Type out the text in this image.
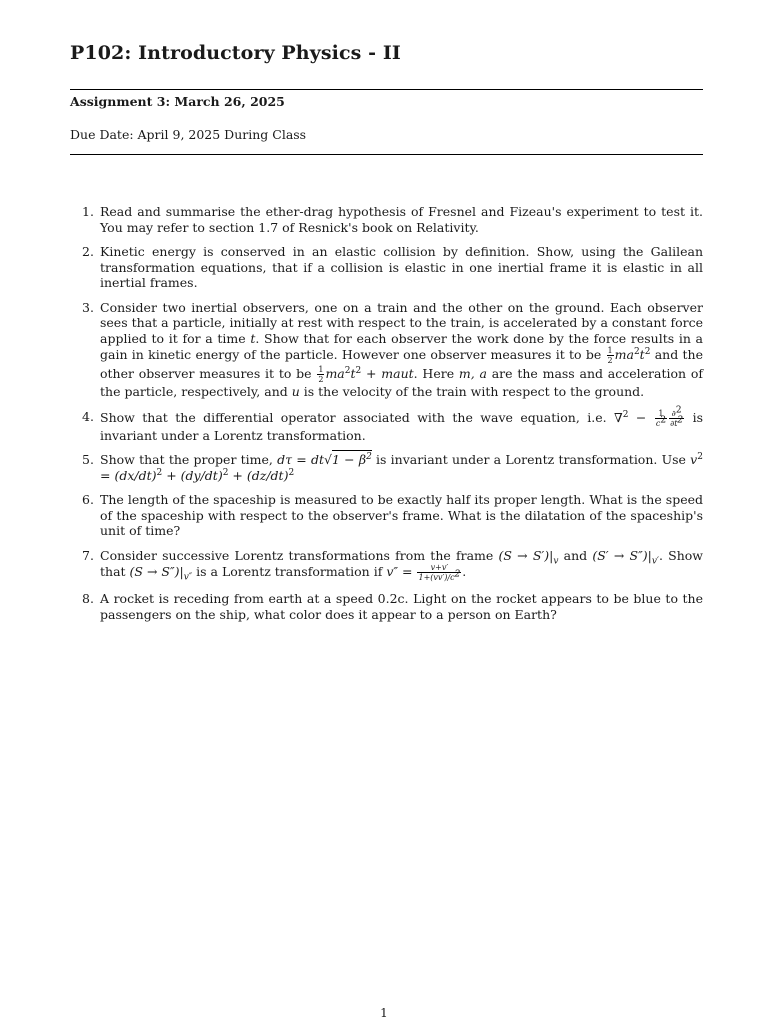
P102: Introductory Physics - II
Assignment 3: March 26, 2025
Due Date: April 9, 2025 During Class
1. Read and summarise the ether-drag hypothesis of Fresnel and Fizeau's experiment to test it. You may refer to section 1.7 of Resnick's book on Relativity.
2. Kinetic energy is conserved in an elastic collision by definition. Show, using the Galilean transformation equations, that if a collision is elastic in one inertial frame it is elastic in all inertial frames.
3. Consider two inertial observers, one on a train and the other on the ground. Each observer sees that a particle, initially at rest with respect to the train, is accelerated by a constant force applied to it for a time t. Show that for each observer the work done by the force results in a gain in kinetic energy of the particle. However one observer measures it to be $\frac{1}{2} ma^2t^2$ and the other observer measures it to be $\frac{1}{2} ma^2t^2$ + maut. Here m, a are the mass and acceleration of the particle, respectively, and u is the velocity of the train with respect to the ground.
4. Show that the differential operator associated with the wave equation, i.e. $\nabla^2 - \frac{1}{c^2} \frac{\partial^2}{\partial t^2}$ is invariant under a Lorentz transformation.
5. Show that the proper time, $d\tau = dt√1 - \beta^2$ is invariant under a Lorentz transformation. Use $v^2 = (dx/dt)^2 + (dy/dt)^2 + (dz/dt)^2$
6. The length of the spaceship is measured to be exactly half its proper length. What is the speed of the spaceship with respect to the observer's frame. What is the dilatation of the spaceship's unit of time?
7. Consider successive Lorentz transformations from the frame $(S \to S')|_v$ and $(S' \to S'')|_{v'}$. Show that $(S \to S'')|_{v''}$ is a Lorentz transformation if $v'' = \frac{v+v'}{1+(vv')/c^2}$ .
8. A rocket is receding from earth at a speed 0.2c. Light on the rocket appears to be blue to the passengers on the ship, what color does it appear to a person on Earth?
1
